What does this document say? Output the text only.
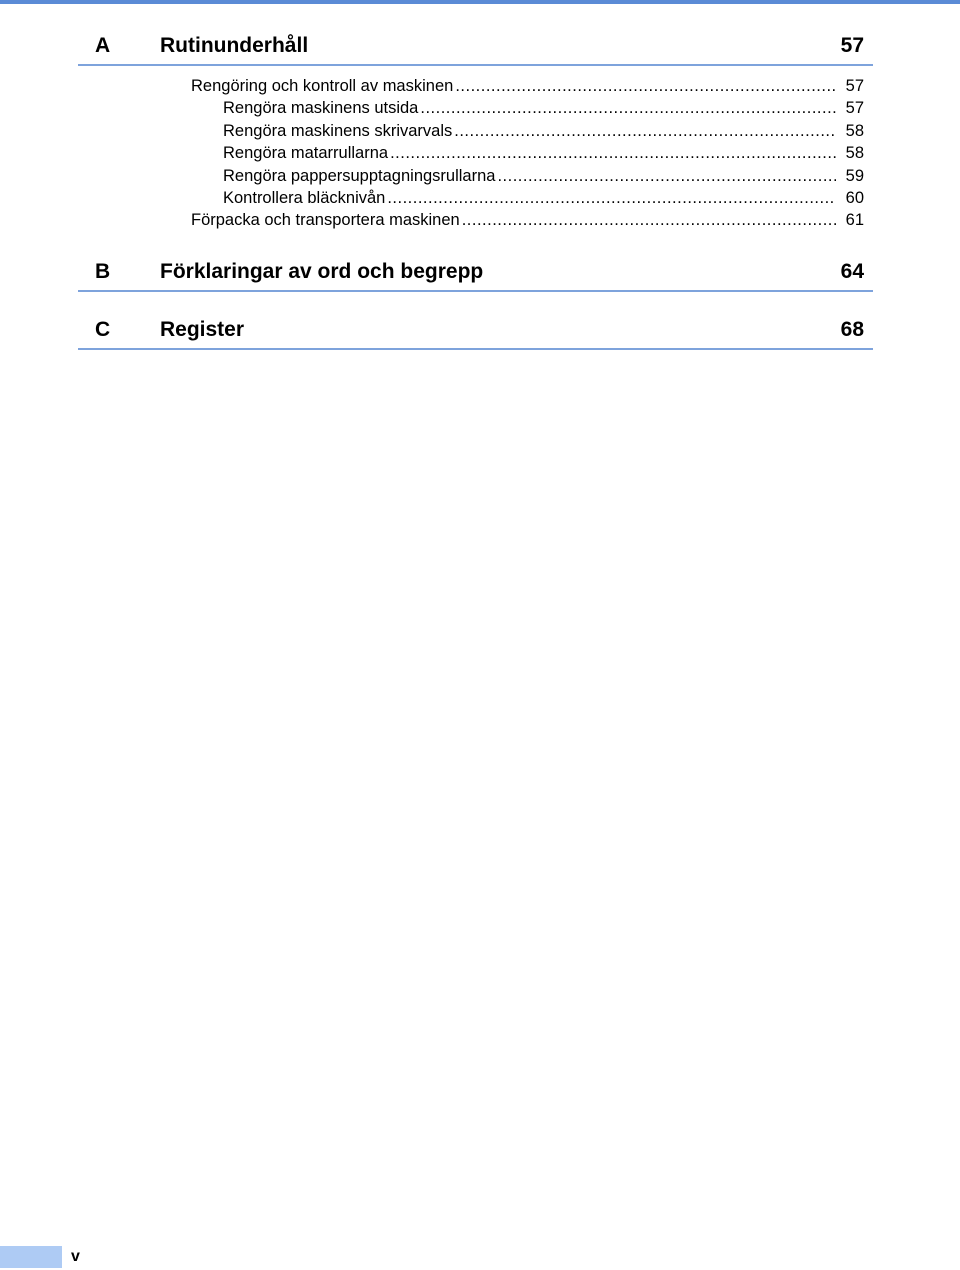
A Rutinunderhåll	57
Rengöring och kontroll av maskinen .....	57
Rengöra maskinens utsida .....	57
Rengöra maskinens skrivarvals .....	58
Rengöra matarrullarna .....	58
Rengöra pappersupptagningsrullarna .....	59
Kontrollera bläcknivån .....	60
Förpacka och transportera maskinen .....	61
B Förklaringar av ord och begrepp	64
C Register	68
v
